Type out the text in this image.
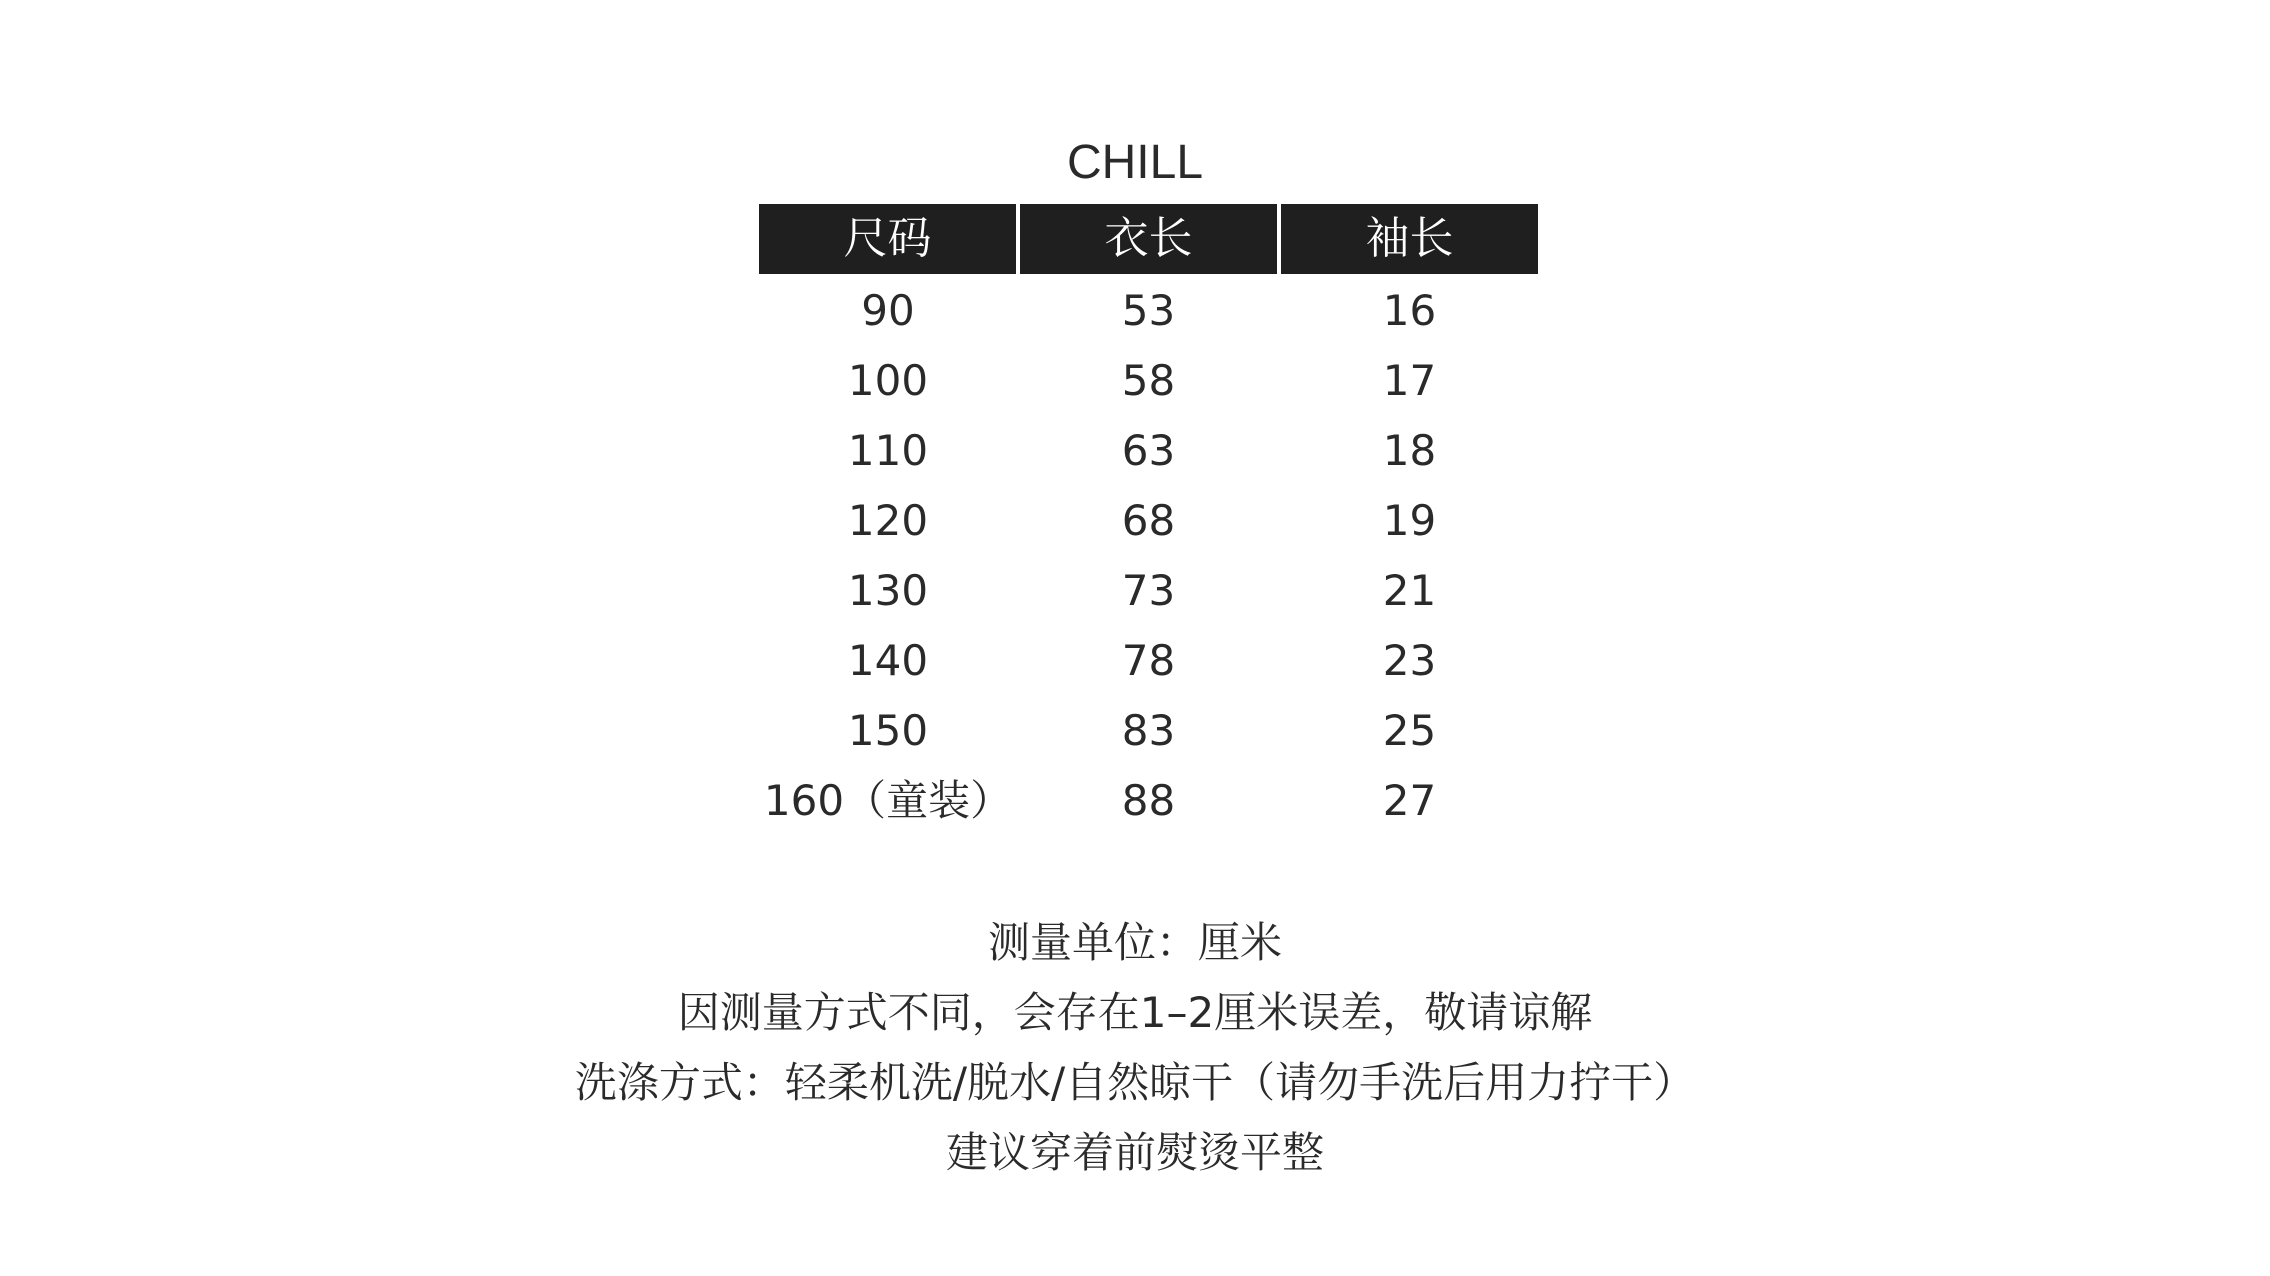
CHILL
尺码	衣长	袖长
90	53	16
100	58	17
110	63	18
120	68	19
130	73	21
140	78	23
150	83	25
160（童装）	88	27
测量单位：厘米
因测量方式不同，会存在1–2厘米误差，敬请谅解
洗涤方式：轻柔机洗/脱水/自然晾干（请勿手洗后用力拧干）
建议穿着前熨烫平整
